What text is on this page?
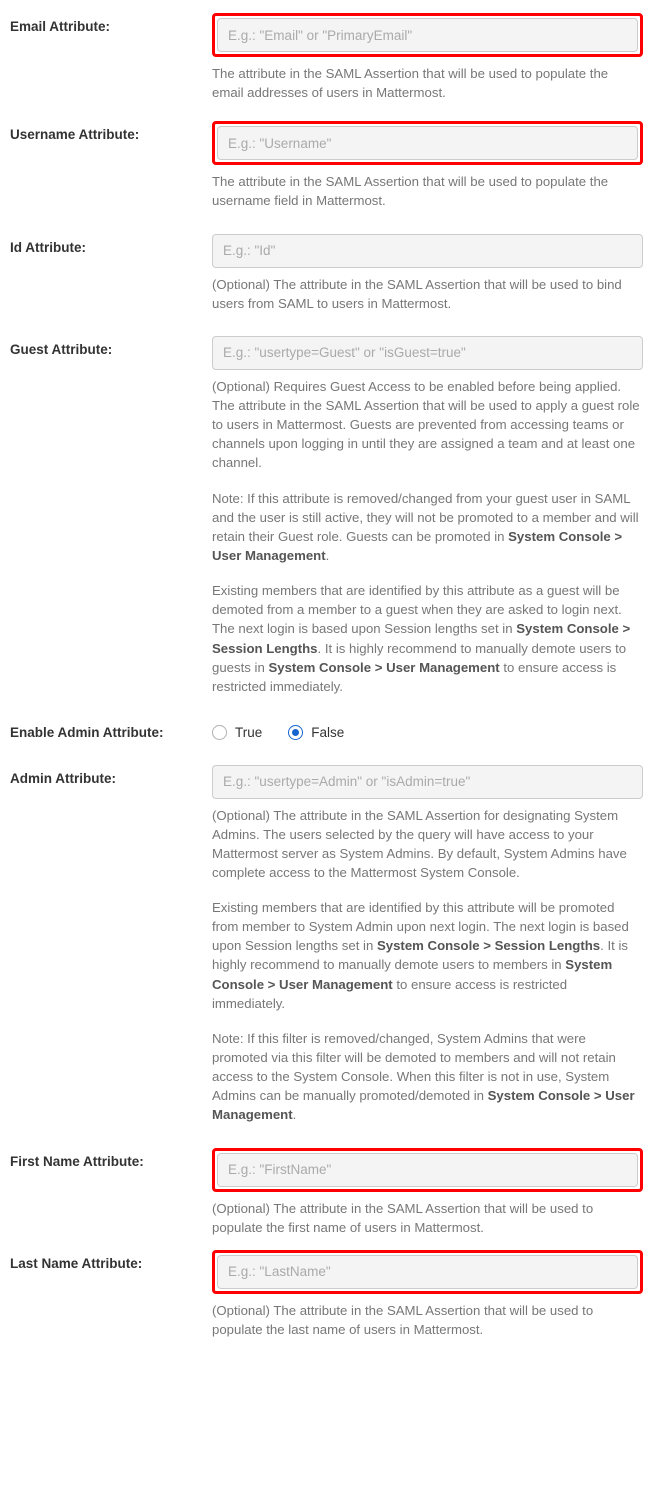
Email Attribute:
E.g.: "Email" or "PrimaryEmail"

The attribute in the SAML Assertion that will be used to populate the email addresses of users in Mattermost.

Username Attribute:
E.g.: "Username"

The attribute in the SAML Assertion that will be used to populate the username field in Mattermost.

Id Attribute:
E.g.: "Id"

(Optional) The attribute in the SAML Assertion that will be used to bind users from SAML to users in Mattermost.

Guest Attribute:
E.g.: "usertype=Guest" or "isGuest=true"

(Optional) Requires Guest Access to be enabled before being applied. The attribute in the SAML Assertion that will be used to apply a guest role to users in Mattermost. Guests are prevented from accessing teams or channels upon logging in until they are assigned a team and at least one channel.

Note: If this attribute is removed/changed from your guest user in SAML and the user is still active, they will not be promoted to a member and will retain their Guest role. Guests can be promoted in System Console > User Management.

Existing members that are identified by this attribute as a guest will be demoted from a member to a guest when they are asked to login next. The next login is based upon Session lengths set in System Console > Session Lengths. It is highly recommend to manually demote users to guests in System Console > User Management to ensure access is restricted immediately.

Enable Admin Attribute:	True	False
Admin Attribute:
E.g.: "usertype=Admin" or "isAdmin=true"

(Optional) The attribute in the SAML Assertion for designating System Admins. The users selected by the query will have access to your Mattermost server as System Admins. By default, System Admins have complete access to the Mattermost System Console.

Existing members that are identified by this attribute will be promoted from member to System Admin upon next login. The next login is based upon Session lengths set in System Console > Session Lengths. It is highly recommend to manually demote users to members in System Console > User Management to ensure access is restricted immediately.

Note: If this filter is removed/changed, System Admins that were promoted via this filter will be demoted to members and will not retain access to the System Console. When this filter is not in use, System Admins can be manually promoted/demoted in System Console > User Management.

First Name Attribute:
E.g.: "FirstName"

(Optional) The attribute in the SAML Assertion that will be used to populate the first name of users in Mattermost.

Last Name Attribute:
E.g.: "LastName"

(Optional) The attribute in the SAML Assertion that will be used to populate the last name of users in Mattermost.
